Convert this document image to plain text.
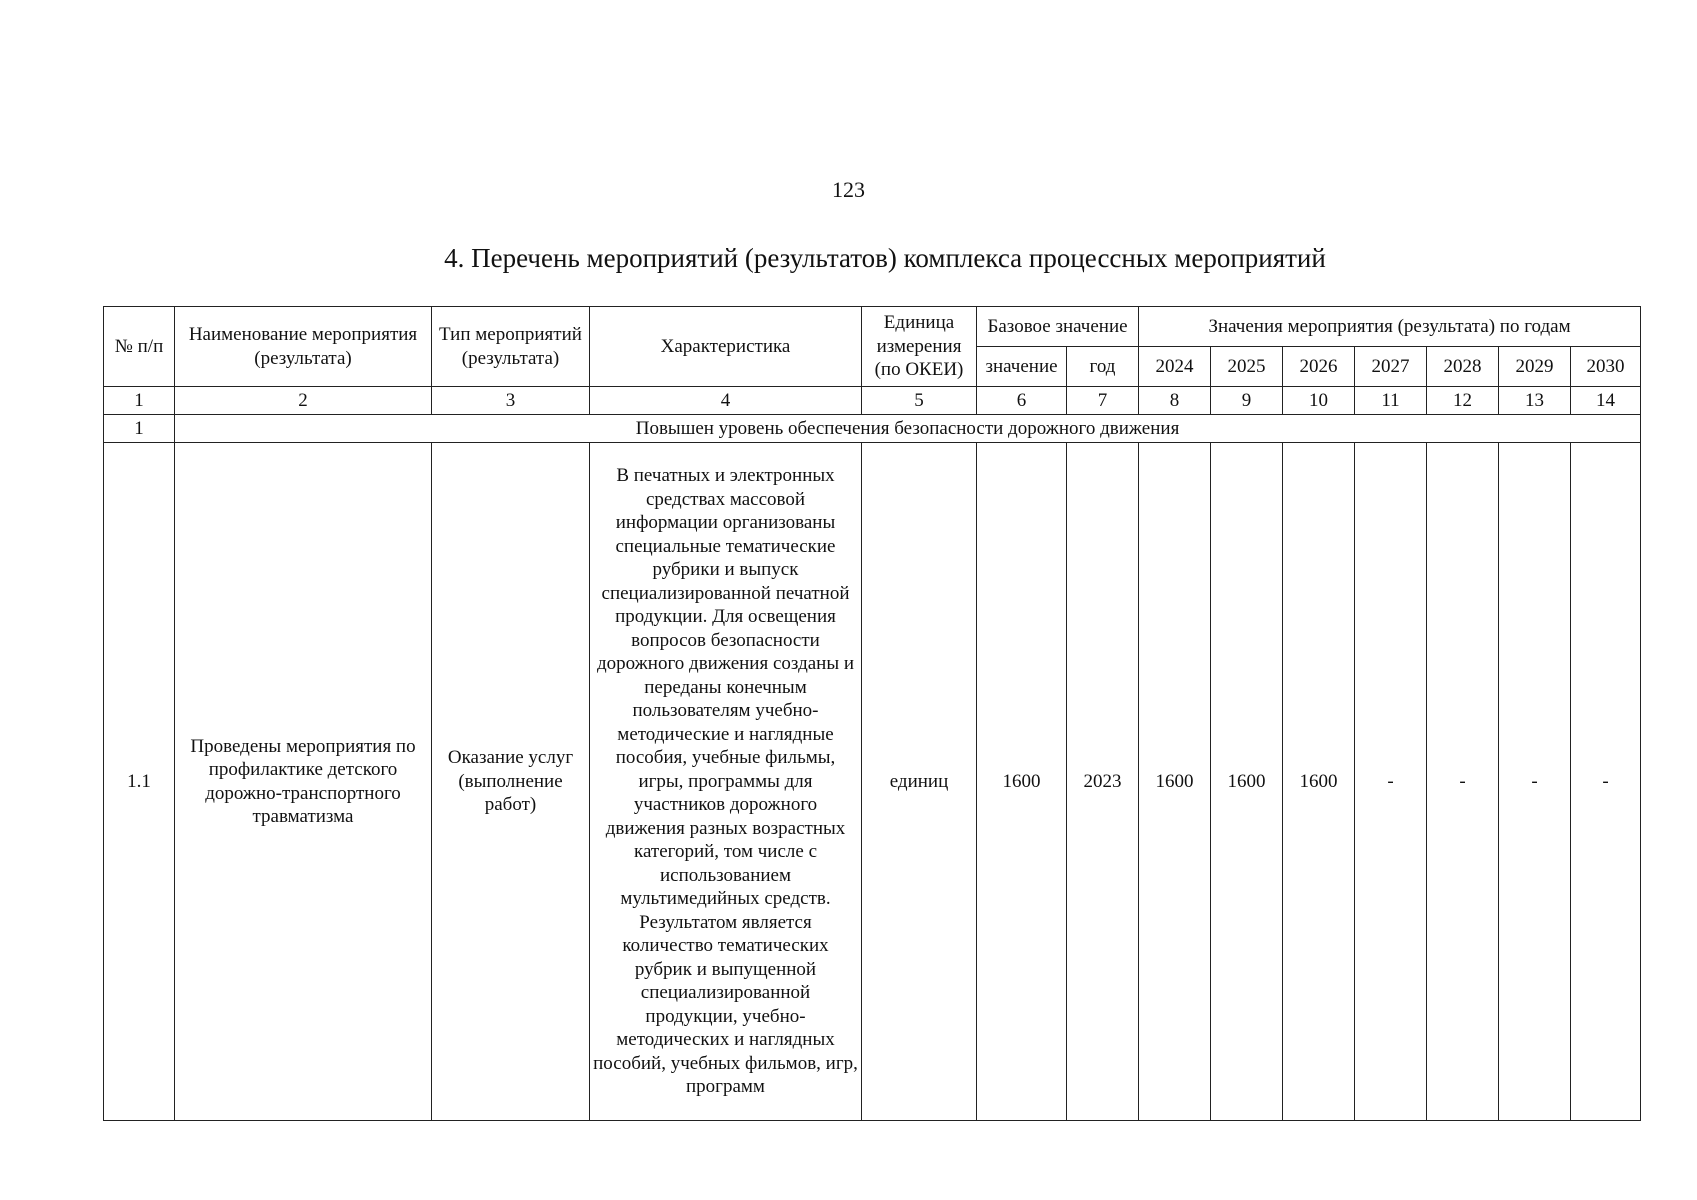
123
4. Перечень мероприятий (результатов) комплекса процессных мероприятий
№ п/п	Наименование мероприятия (результата)	Тип мероприятий (результата)	Характеристика	Единица измерения (по ОКЕИ)	Базовое значение		Значения мероприятия (результата) по годам						
					значение	год	2024	2025	2026	2027	2028	2029	2030
1	2	3	4	5	6	7	8	9	10	11	12	13	14
1	Повышен уровень обеспечения безопасности дорожного движения												
1.1	Проведены мероприятия по профилактике детского дорожно-транспортного травматизма	Оказание услуг (выполнение работ)	В печатных и электронных средствах массовой информации организованы специальные тематические рубрики и выпуск специализированной печатной продукции. Для освещения вопросов безопасности дорожного движения созданы и переданы конечным пользователям учебно-методические и наглядные пособия, учебные фильмы, игры, программы для участников дорожного движения разных возрастных категорий, том числе с использованием мультимедийных средств. Результатом является количество тематических рубрик и выпущенной специализированной продукции, учебно-методических и наглядных пособий, учебных фильмов, игр, программ	единиц	1600	2023	1600	1600	1600	-	-	-	-
